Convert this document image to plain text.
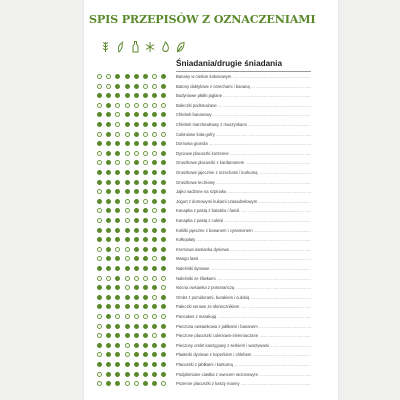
SPIS PRZEPISÓW Z OZNACZENIAMI
Śniadania/drugie śniadania
Banany w cieście kokosowym .....
Batony daktylowe z orzechami i bananą .....
Budyniowe płatki jaglane .....
Bułeczki podsmażane .....
Chlebek bananowy .....
Chlebek marchewkowy z muszynkami .....
Cukiniowe koła-gofry .....
Domowa granola .....
Dyniowe placuszki korzenne .....
Gruszkowe placuszki z kardamonem .....
Gruszkowe jajecznie z orzechami i kurkumą .....
Gruszkowe leczkowy .....
Jajko sadzone na szpinaku .....
Jogurt z domowymi kukami czasadzełowym .....
Kanapka z pastą z batatów i fasoli .....
Kanapka z pastą z cukinii .....
Kokilki jajeczne z bananem i cynamonem .....
Kołkopłaty .....
Kremowa owsianka dyniowa .....
Mango lassi .....
Naleśniki dyniowe .....
Naleśniki ze śliwkami .....
Nocna owsianka z pomarańczą .....
Omlet z pomidorami, burakiem i cukinią .....
Pałeczki serowe ze słonecznikiem .....
Pancakes z marakują .....
Pieczona owsiankowa z jabłkami i bananem .....
Pieczone placuszki cukiniowo-ziemniaczane .....
Pieczony omlet kaszygowy z serkiem i warzywami .....
Plasterki dyniowe z koperkiem i chlebem .....
Placuszki z jabłkami i kurkumą .....
Podpłomiane ciastka z owocem sezonowym .....
Pszenne placuszki z kaszy manny .....
